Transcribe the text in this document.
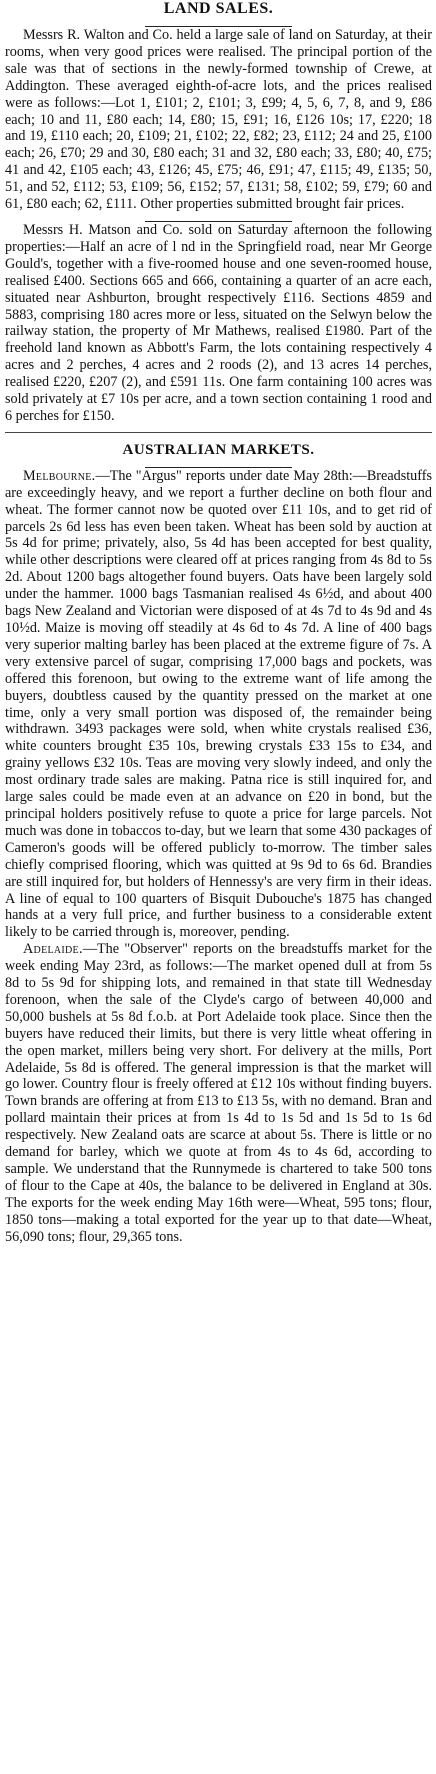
LAND SALES.

Messrs R. Walton and Co. held a large sale of land on Saturday, at their rooms, when very good prices were realised. The principal portion of the sale was that of sections in the newly-formed township of Crewe, at Addington. These averaged eighth-of-acre lots, and the prices realised were as follows:—Lot 1, £101; 2, £101; 3, £99; 4, 5, 6, 7, 8, and 9, £86 each; 10 and 11, £80 each; 14, £80; 15, £91; 16, £126 10s; 17, £220; 18 and 19, £110 each; 20, £109; 21, £102; 22, £82; 23, £112; 24 and 25, £100 each; 26, £70; 29 and 30, £80 each; 31 and 32, £80 each; 33, £80; 40, £75; 41 and 42, £105 each; 43, £126; 45, £75; 46, £91; 47, £115; 49, £135; 50, 51, and 52, £112; 53, £109; 56, £152; 57, £131; 58, £102; 59, £79; 60 and 61, £80 each; 62, £111. Other properties submitted brought fair prices.

Messrs H. Matson and Co. sold on Saturday afternoon the following properties:—Half an acre of l nd in the Springfield road, near Mr George Gould's, together with a five-roomed house and one seven-roomed house, realised £400. Sections 665 and 666, containing a quarter of an acre each, situated near Ashburton, brought respectively £116. Sections 4859 and 5883, comprising 180 acres more or less, situated on the Selwyn below the railway station, the property of Mr Mathews, realised £1980. Part of the freehold land known as Abbott's Farm, the lots containing respectively 4 acres and 2 perches, 4 acres and 2 roods (2), and 13 acres 14 perches, realised £220, £207 (2), and £591 11s. One farm containing 100 acres was sold privately at £7 10s per acre, and a town section containing 1 rood and 6 perches for £150.

AUSTRALIAN MARKETS.

Melbourne.—The "Argus" reports under date May 28th:—Breadstuffs are exceedingly heavy, and we report a further decline on both flour and wheat. The former cannot now be quoted over £11 10s, and to get rid of parcels 2s 6d less has even been taken. Wheat has been sold by auction at 5s 4d for prime; privately, also, 5s 4d has been accepted for best quality, while other descriptions were cleared off at prices ranging from 4s 8d to 5s 2d. About 1200 bags altogether found buyers. Oats have been largely sold under the hammer. 1000 bags Tasmanian realised 4s 6½d, and about 400 bags New Zealand and Victorian were disposed of at 4s 7d to 4s 9d and 4s 10½d. Maize is moving off steadily at 4s 6d to 4s 7d. A line of 400 bags very superior malting barley has been placed at the extreme figure of 7s. A very extensive parcel of sugar, comprising 17,000 bags and pockets, was offered this forenoon, but owing to the extreme want of life among the buyers, doubtless caused by the quantity pressed on the market at one time, only a very small portion was disposed of, the remainder being withdrawn. 3493 packages were sold, when white crystals realised £36, white counters brought £35 10s, brewing crystals £33 15s to £34, and grainy yellows £32 10s. Teas are moving very slowly indeed, and only the most ordinary trade sales are making. Patna rice is still inquired for, and large sales could be made even at an advance on £20 in bond, but the principal holders positively refuse to quote a price for large parcels. Not much was done in tobaccos to-day, but we learn that some 430 packages of Cameron's goods will be offered publicly to-morrow. The timber sales chiefly comprised flooring, which was quitted at 9s 9d to 6s 6d. Brandies are still inquired for, but holders of Hennessy's are very firm in their ideas. A line of equal to 100 quarters of Bisquit Dubouche's 1875 has changed hands at a very full price, and further business to a considerable extent likely to be carried through is, moreover, pending.

Adelaide.—The "Observer" reports on the breadstuffs market for the week ending May 23rd, as follows:—The market opened dull at from 5s 8d to 5s 9d for shipping lots, and remained in that state till Wednesday forenoon, when the sale of the Clyde's cargo of between 40,000 and 50,000 bushels at 5s 8d f.o.b. at Port Adelaide took place. Since then the buyers have reduced their limits, but there is very little wheat offering in the open market, millers being very short. For delivery at the mills, Port Adelaide, 5s 8d is offered. The general impression is that the market will go lower. Country flour is freely offered at £12 10s without finding buyers. Town brands are offering at from £13 to £13 5s, with no demand. Bran and pollard maintain their prices at from 1s 4d to 1s 5d and 1s 5d to 1s 6d respectively. New Zealand oats are scarce at about 5s. There is little or no demand for barley, which we quote at from 4s to 4s 6d, according to sample. We understand that the Runnymede is chartered to take 500 tons of flour to the Cape at 40s, the balance to be delivered in England at 30s. The exports for the week ending May 16th were—Wheat, 595 tons; flour, 1850 tons—making a total exported for the year up to that date—Wheat, 56,090 tons; flour, 29,365 tons.
